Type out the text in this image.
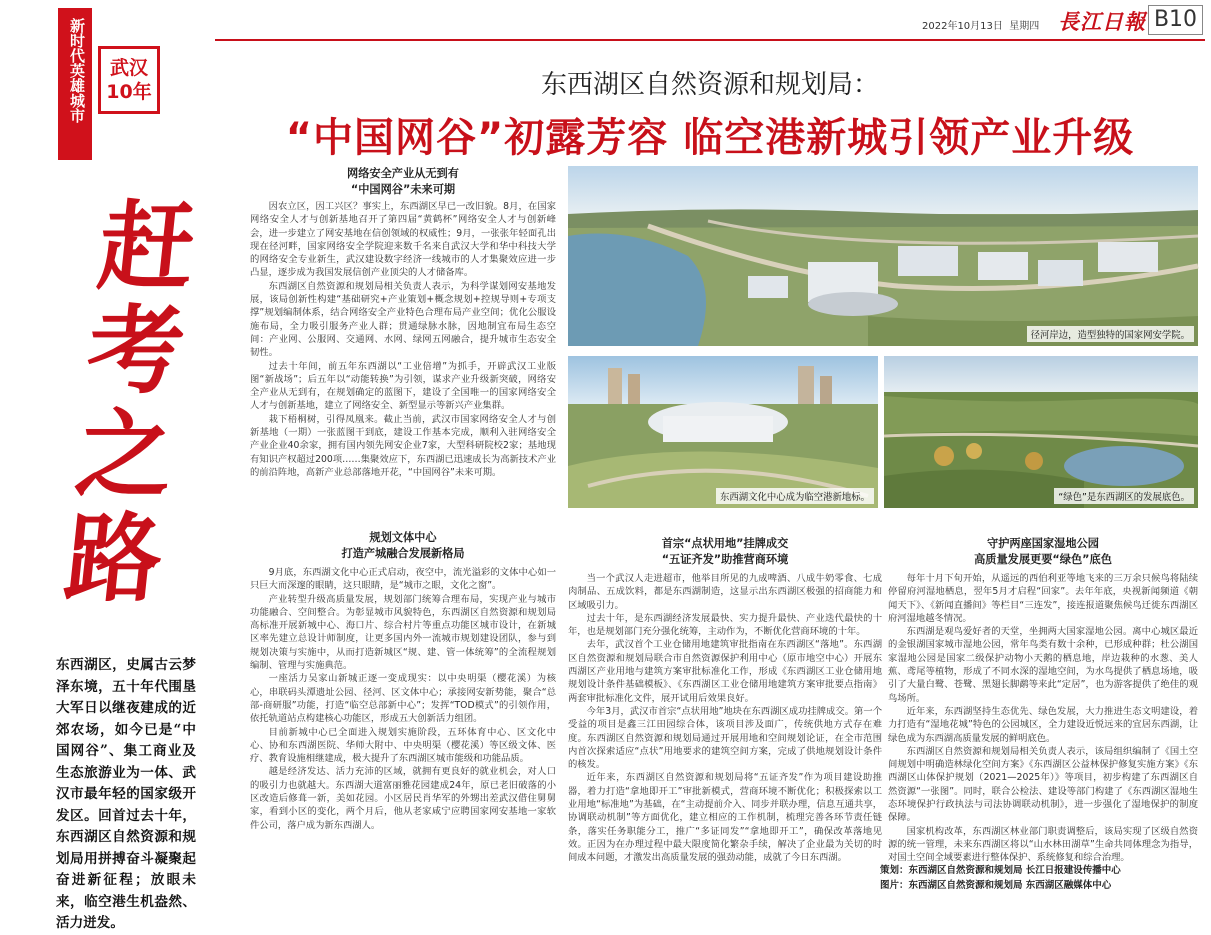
新时代英雄城市	武汉
10年
赶考之路
东西湖区，史属古云梦泽东境，五十年代围垦大军日以继夜建成的近郊农场，如今已是“中国网谷”、集工商业及生态旅游业为一体、武汉市最年轻的国家级开发区。回首过去十年，东西湖区自然资源和规划局用拼搏奋斗凝聚起奋进新征程；放眼未来，临空港生机盎然、活力迸发。
2022年10月13日 星期四 長江日報 B10
东西湖区自然资源和规划局：
“中国网谷”初露芳容 临空港新城引领产业升级
网络安全产业从无到有
“中国网谷”未来可期

因农立区，因工兴区？事实上，东西湖区早已一改旧貌。8月，在国家网络安全人才与创新基地召开了第四届“黄鹤杯”网络安全人才与创新峰会，进一步建立了网安基地在信创领域的权威性；9月，一张张年轻面孔出现在径河畔，国家网络安全学院迎来数千名来自武汉大学和华中科技大学的网络安全专业新生，武汉建设数字经济一线城市的人才集聚效应进一步凸显，逐步成为我国发展信创产业顶尖的人才储备库。

东西湖区自然资源和规划局相关负责人表示，为科学谋划网安基地发展，该局创新性构建“基础研究+产业策划+概念规划+控规导则+专项支撑”规划编制体系，结合网络安全产业特色合理布局产业空间；优化公服设施布局，全力吸引服务产业人群；贯通绿脉水脉，因地制宜布局生态空间：产业网、公服网、交通网、水网、绿网五网融合，提升城市生态安全韧性。

过去十年间，前五年东西湖以“工业倍增”为抓手，开辟武汉工业版图“新战场”；后五年以“动能转换”为引领，谋求产业升级新突破，网络安全产业从无到有，在规划确定的蓝图下，建设了全国唯一的国家网络安全人才与创新基地，建立了网络安全、新型显示等新兴产业集群。

栽下梧桐树，引得凤凰来。截止当前，武汉市国家网络安全人才与创新基地（一期）一张蓝图干到底，建设工作基本完成，顺利入驻网络安全产业企业40余家，拥有国内领先网安企业7家，大型科研院校2家；基地现有知识产权超过200项……集聚效应下，东西湖已迅速成长为高新技术产业的前沿阵地，高新产业总部落地开花，“中国网谷”未来可期。

规划文体中心
打造产城融合发展新格局

9月底，东西湖文化中心正式启动，夜空中，流光溢彩的文体中心如一只巨大而深邃的眼睛，这只眼睛，是“城市之眼，文化之窗”。

产业转型升级高质量发展，规划部门统筹合理布局，实现产业与城市功能融合、空间整合。为彰显城市风貌特色，东西湖区自然资源和规划局高标准开展新城中心、海口片、综合村片等重点功能区城市设计，在新城区率先建立总设计师制度，让更多国内外一流城市规划建设团队，参与到规划决策与实施中，从而打造新城区“规、建、管一体统筹”的全流程规划编制、管理与实施典范。

一座活力吴家山新城正逐一变成现实：以中央明渠（樱花溪）为核心，串联码头潭遗址公园、径河、区文体中心；承接网安新势能，聚合“总部-商研服”功能，打造“临空总部新中心”；发挥“TOD模式”的引领作用，依托轨道站点构建核心功能区，形成五大创新活力组团。

目前新城中心已全面进入规划实施阶段，五环体育中心、区文化中心、协和东西湖医院、华师大附中、中央明渠（樱花溪）等区级文体、医疗、教育设施相继建成，极大提升了东西湖区城市能级和功能品质。

越是经济发达、活力充沛的区域，就拥有更良好的就业机会，对人口的吸引力也就越大。东西湖大道富丽雅花园建成24年，原已老旧破落的小区改造后修葺一新，美如花园。小区居民肖华军的外甥出差武汉借住舅舅家，看到小区的变化，两个月后，他从老家咸宁应聘国家网安基地一家软件公司，落户成为新东西湖人。

径河岸边，造型独特的国家网安学院。
东西湖文化中心成为临空港新地标。	“绿色”是东西湖区的发展底色。
首宗“点状用地”挂牌成交
“五证齐发”助推营商环境

当一个武汉人走进超市，他举目所见的九成啤酒、八成牛奶零食、七成肉制品、五成饮料，都是东西湖制造，这显示出东西湖区极强的招商能力和区域吸引力。

过去十年，是东西湖经济发展最快、实力提升最快、产业迭代最快的十年，也是规划部门充分强化统筹，主动作为，不断优化营商环境的十年。

去年，武汉首个工业仓储用地建筑审批指南在东西湖区“落地”。东西湖区自然资源和规划局联合市自然资源保护利用中心（原市地空中心）开展东西湖区产业用地与建筑方案审批标准化工作，形成《东西湖区工业仓储用地规划设计条件基础模板》、《东西湖区工业仓储用地建筑方案审批要点指南》两套审批标准化文件，展开试用后效果良好。

今年3月，武汉市首宗“点状用地”地块在东西湖区成功挂牌成交。第一个受益的项目是鑫三江田园综合体，该项目涉及面广，传统供地方式存在难度。东西湖区自然资源和规划局通过开展用地和空间规划论证，在全市范围内首次探索适应“点状”用地要求的建筑空间方案，完成了供地规划设计条件的核发。

近年来，东西湖区自然资源和规划局将“五证齐发”作为项目建设助推器，着力打造“拿地即开工”审批新模式，营商环境不断优化；积极探索以工业用地“标准地”为基础，在“主动提前介入、同步并联办理，信息互通共享，协调联动机制”等方面优化，建立相应的工作机制，梳理完善各环节责任链条，落实任务职能分工，推广“多证同发”“拿地即开工”，确保改革落地见效。正因为在办理过程中最大限度简化繁杂手续，解决了企业最为关切的时间成本问题，才激发出高质量发展的强劲动能，成就了今日东西湖。

守护两座国家湿地公园
高质量发展更要“绿色”底色

每年十月下旬开始，从遥远的西伯利亚等地飞来的三万余只候鸟将陆续停留府河湿地栖息，翌年5月才启程“回家”。去年年底，央视新闻频道《朝闻天下》、《新闻直播间》等栏目“三连发”，接连报道聚焦候鸟迁徙东西湖区府河湿地越冬情况。

东西湖是观鸟爱好者的天堂，坐拥两大国家湿地公园。离中心城区最近的金银湖国家城市湿地公园，常年鸟类有数十余种，已形成种群；杜公湖国家湿地公园是国家二级保护动物小天鹅的栖息地，岸边栽种的水葱、美人蕉、鸢尾等植物，形成了不同水深的湿地空间，为水鸟提供了栖息场地，吸引了大量白鹭、苍鹭、黑翅长脚鹬等来此“定居”，也为游客提供了绝佳的观鸟场所。

近年来，东西湖坚持生态优先、绿色发展，大力推进生态文明建设，着力打造有“湿地花城”特色的公园城区，全力建设近悦远来的宜居东西湖，让绿色成为东西湖高质量发展的鲜明底色。

东西湖区自然资源和规划局相关负责人表示，该局组织编制了《国土空间规划中明确造林绿化空间方案》《东西湖区公益林保护修复实施方案》《东西湖区山体保护规划（2021—2025年）》等项目，初步构建了东西湖区自然资源“一张图”。同时，联合公检法、建设等部门构建了《东西湖区湿地生态环境保护行政执法与司法协调联动机制》，进一步强化了湿地保护的制度保障。

国家机构改革，东西湖区林业部门职责调整后，该局实现了区级自然资源的统一管理，未来东西湖区将以“山水林田湖草”生命共同体理念为指导，对国土空间全域要素进行整体保护、系统修复和综合治理。

策划：东西湖区自然资源和规划局 长江日报建设传播中心
图片：东西湖区自然资源和规划局 东西湖区融媒体中心
